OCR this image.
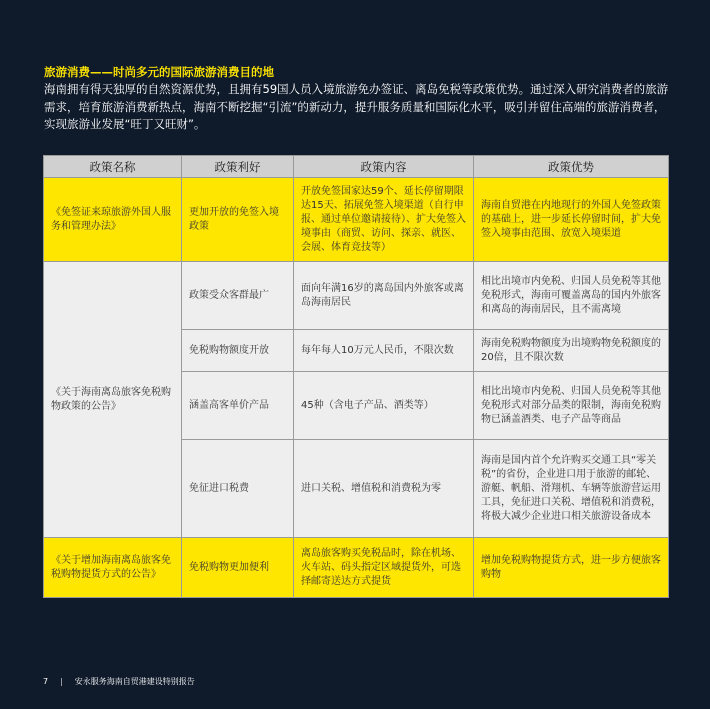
旅游消费——时尚多元的国际旅游消费目的地
海南拥有得天独厚的自然资源优势，且拥有59国人员入境旅游免办签证、离岛免税等政策优势。通过深入研究消费者的旅游需求，培育旅游消费新热点，海南不断挖掘“引流”的新动力，提升服务质量和国际化水平，吸引并留住高端的旅游消费者，实现旅游业发展“旺丁又旺财”。
政策名称	政策利好	政策内容	政策优势
《免签证来琼旅游外国人服务和管理办法》	更加开放的免签入境政策	开放免签国家达59个、延长停留期限达15天、拓展免签入境渠道（自行申报、通过单位邀请接待）、扩大免签入境事由（商贸、访问、探亲、就医、会展、体育竞技等）	海南自贸港在内地现行的外国人免签政策的基础上，进一步延长停留时间，扩大免签入境事由范围、放宽入境渠道
《关于海南离岛旅客免税购物政策的公告》	政策受众客群最广	面向年满16岁的离岛国内外旅客或离岛海南居民	相比出境市内免税、归国人员免税等其他免税形式，海南可覆盖离岛的国内外旅客和离岛的海南居民，且不需离境
	免税购物额度开放	每年每人10万元人民币，不限次数	海南免税购物额度为出境购物免税额度的20倍，且不限次数
	涵盖高客单价产品	45种（含电子产品、酒类等）	相比出境市内免税、归国人员免税等其他免税形式对部分品类的限制，海南免税购物已涵盖酒类、电子产品等商品
	免征进口税费	进口关税、增值税和消费税为零	海南是国内首个允许购买交通工具“零关税”的省份，企业进口用于旅游的邮轮、游艇、帆船、滑翔机、车辆等旅游营运用工具，免征进口关税、增值税和消费税，将极大减少企业进口相关旅游设备成本
《关于增加海南离岛旅客免税购物提货方式的公告》	免税购物更加便利	离岛旅客购买免税品时，除在机场、火车站、码头指定区域提货外，可选择邮寄送达方式提货	增加免税购物提货方式，进一步方便旅客购物
7 | 安永服务海南自贸港建设特别报告
